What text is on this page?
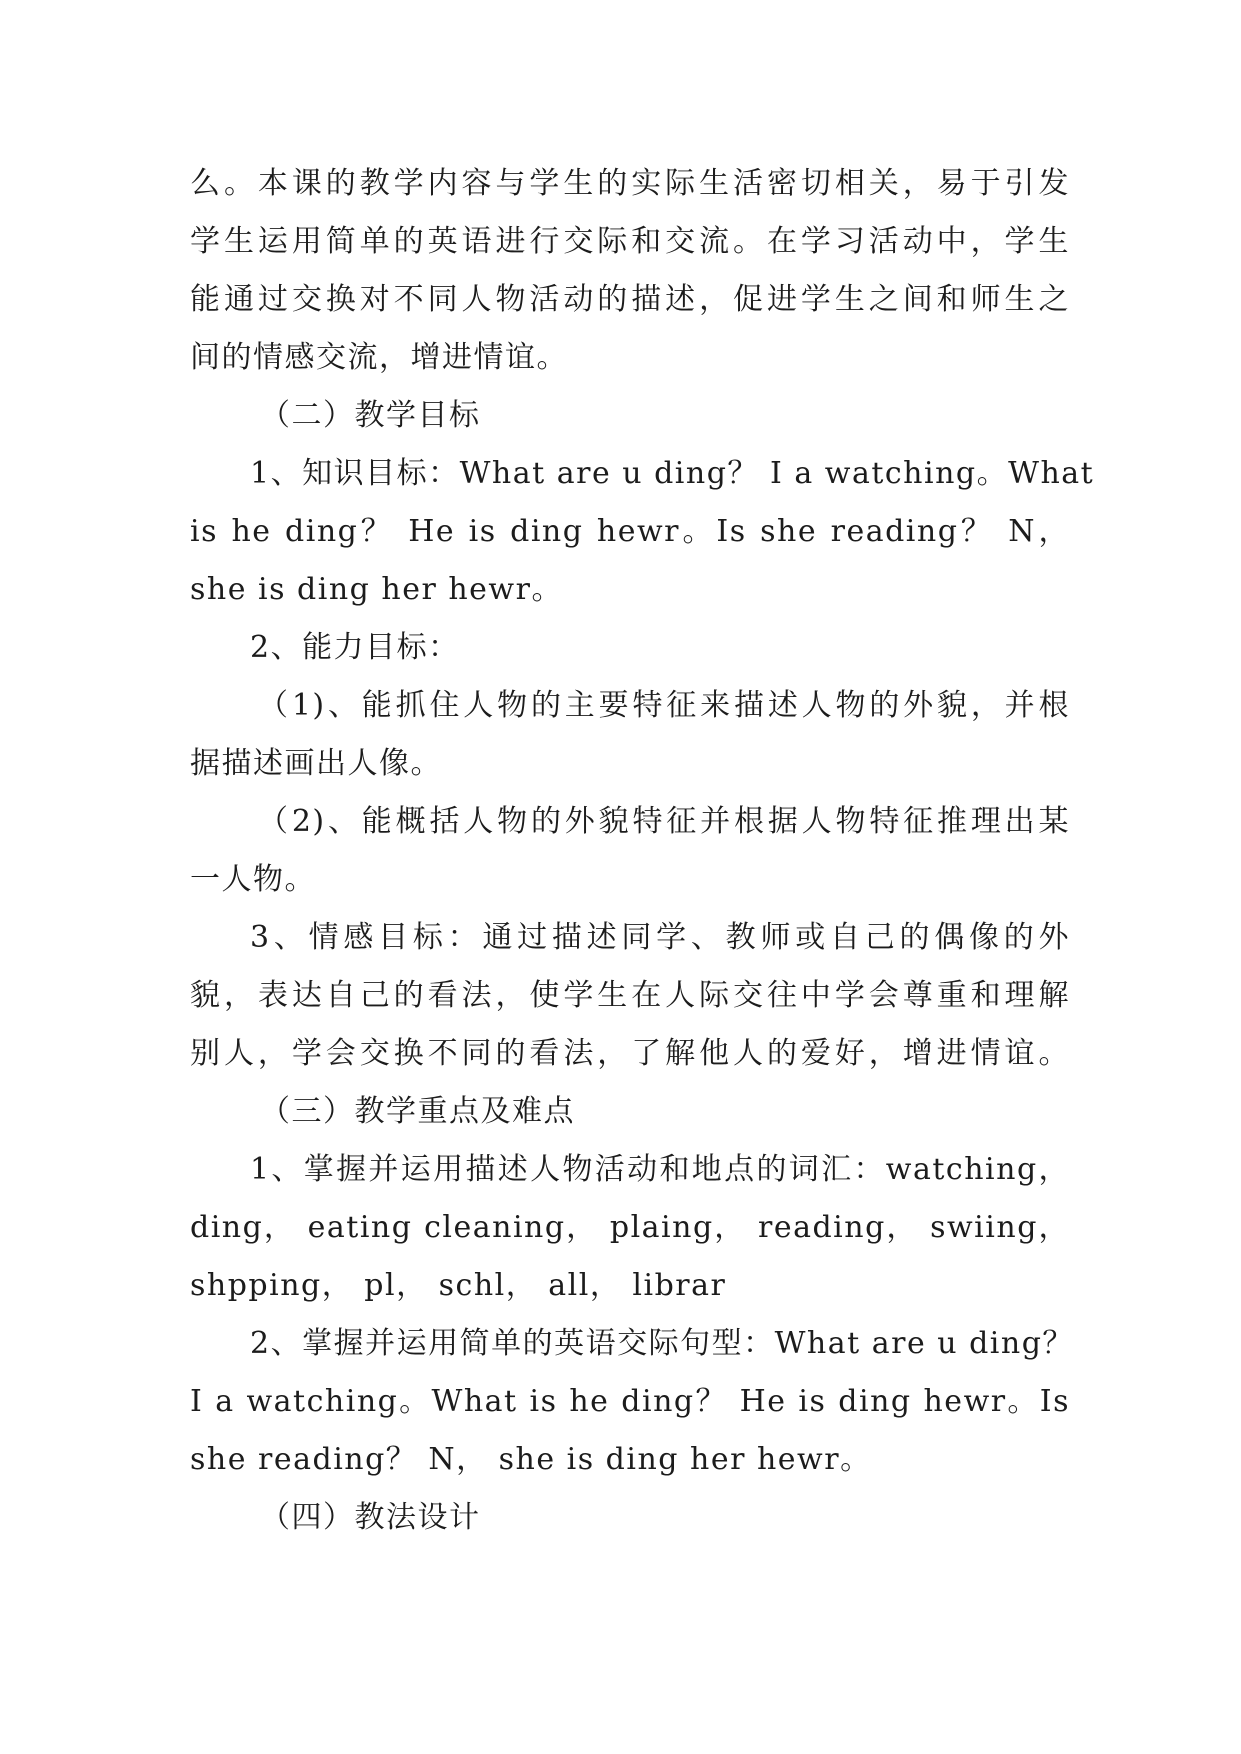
么。本课的教学内容与学生的实际生活密切相关，易于引发
学生运用简单的英语进行交际和交流。在学习活动中，学生
能通过交换对不同人物活动的描述，促进学生之间和师生之
间的情感交流，增进情谊。
（二）教学目标
1、知识目标：What are u ding？ I a watching。What
is he ding？ He is ding hewr。Is she reading？ N，
she is ding her hewr。
2、能力目标：
（1)、能抓住人物的主要特征来描述人物的外貌，并根
据描述画出人像。
（2)、能概括人物的外貌特征并根据人物特征推理出某
一人物。
3、情感目标：通过描述同学、教师或自己的偶像的外
貌，表达自己的看法，使学生在人际交往中学会尊重和理解
别人，学会交换不同的看法，了解他人的爱好，增进情谊。
（三）教学重点及难点
1、掌握并运用描述人物活动和地点的词汇：watching，
ding， eating cleaning， plaing， reading， swiing，
shpping， pl， schl， all， librar
2、掌握并运用简单的英语交际句型：What are u ding？
I a watching。What is he ding？ He is ding hewr。Is
she reading？ N， she is ding her hewr。
（四）教法设计
